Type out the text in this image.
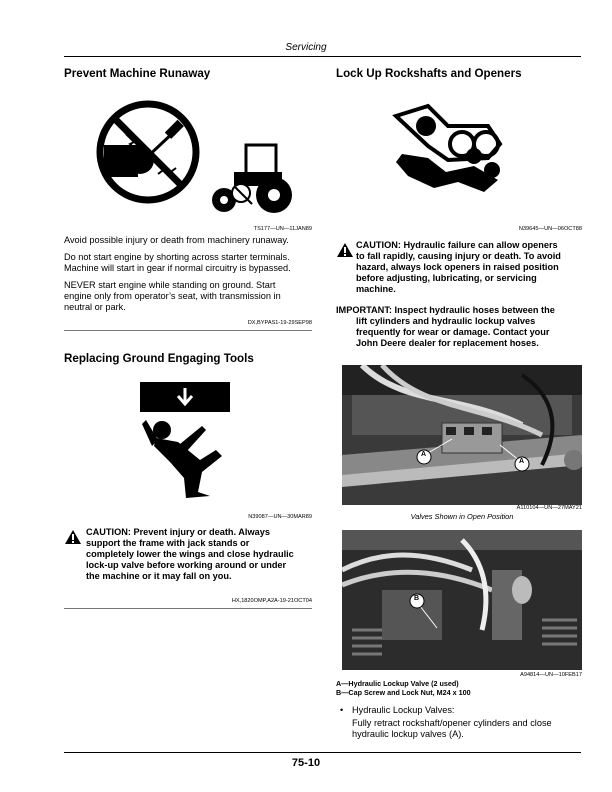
Servicing
Prevent Machine Runaway
TS177—UN—11JAN89

Avoid possible injury or death from machinery runaway.

Do not start engine by shorting across starter terminals.

Machine will start in gear if normal circuitry is bypassed.

NEVER start engine while standing on ground. Start

engine only from operator’s seat, with transmission in

neutral or park.

DX,BYPAS1-19-29SEP98
Replacing Ground Engaging Tools
N39087—UN—30MAR89
CAUTION: Prevent injury or death. Always
support the frame with jack stands or
completely lower the wings and close hydraulic
lock-up valve before working around or under
the machine or it may fall on you.
HX,1820OMP,A2A-19-21OCT04
Lock Up Rockshafts and Openers
N39645—UN—06OCT88
CAUTION: Hydraulic failure can allow openers
to fall rapidly, causing injury or death. To avoid
hazard, always lock openers in raised position
before adjusting, lubricating, or servicing
machine.
IMPORTANT: Inspect hydraulic hoses between the
lift cylinders and hydraulic lockup valves
frequently for wear or damage. Contact your
John Deere dealer for replacement hoses.
A
A
A110104—UN—27MAY21
Valves Shown in Open Position
B
A94814—UN—10FEB17
A—Hydraulic Lockup Valve (2 used)
B—Cap Screw and Lock Nut, M24 x 100
• Hydraulic Lockup Valves:
Fully retract rockshaft/opener cylinders and close
hydraulic lockup valves (A).
75-10
